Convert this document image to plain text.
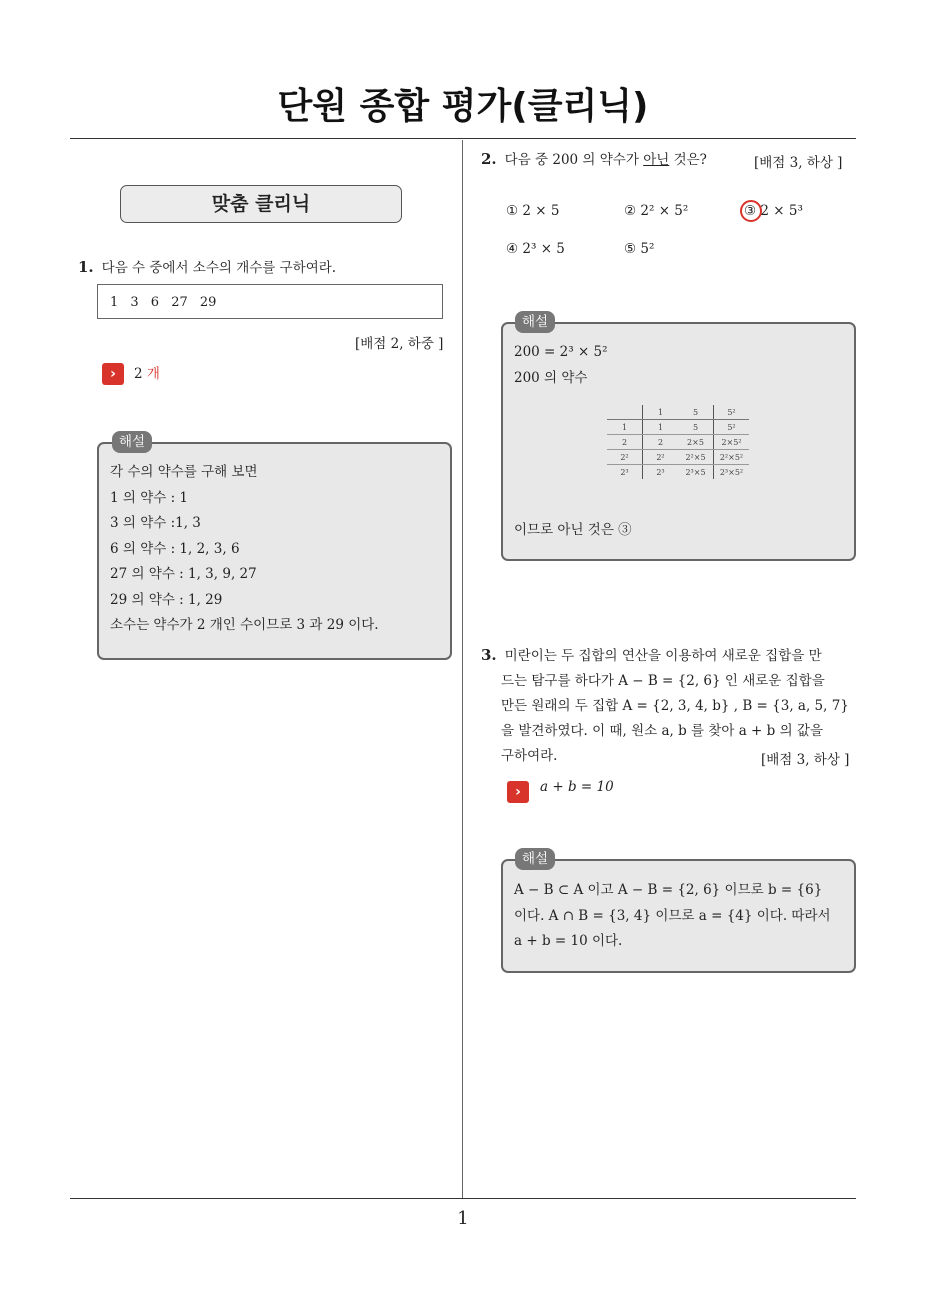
단원 종합 평가(클리닉)
맞춤 클리닉
1. 다음 수 중에서 소수의 개수를 구하여라.
1 3 6 27 29
[배점 2, 하중 ]
›	2 개
해설
각 수의 약수를 구해 보면
1 의 약수 : 1
3 의 약수 :1, 3
6 의 약수 : 1, 2, 3, 6
27 의 약수 : 1, 3, 9, 27
29 의 약수 : 1, 29
소수는 약수가 2 개인 수이므로 3 과 29 이다.
2. 다음 중 200 의 약수가 아닌 것은?	[배점 3, 하상 ]
① 2 × 5	② 2² × 5²	③ 2 × 5³
④ 2³ × 5	⑤ 5²
해설
200 = 2³ × 5²
200 의 약수
	1	5	5²
1	1	5	5²
2	2	2×5	2×5²
2²	2²	2²×5	2²×5²
2³	2³	2³×5	2³×5²
이므로 아닌 것은 ③
3. 미란이는 두 집합의 연산을 이용하여 새로운 집합을 만
드는 탐구를 하다가 A − B = {2, 6} 인 새로운 집합을
만든 원래의 두 집합 A = {2, 3, 4, b} , B = {3, a, 5, 7}
을 발견하였다. 이 때, 원소 a, b 를 찾아 a + b 의 값을
구하여라.	[배점 3, 하상 ]
›	a + b = 10
해설
A − B ⊂ A 이고 A − B = {2, 6} 이므로 b = {6}
이다. A ∩ B = {3, 4} 이므로 a = {4} 이다. 따라서
a + b = 10 이다.
1
